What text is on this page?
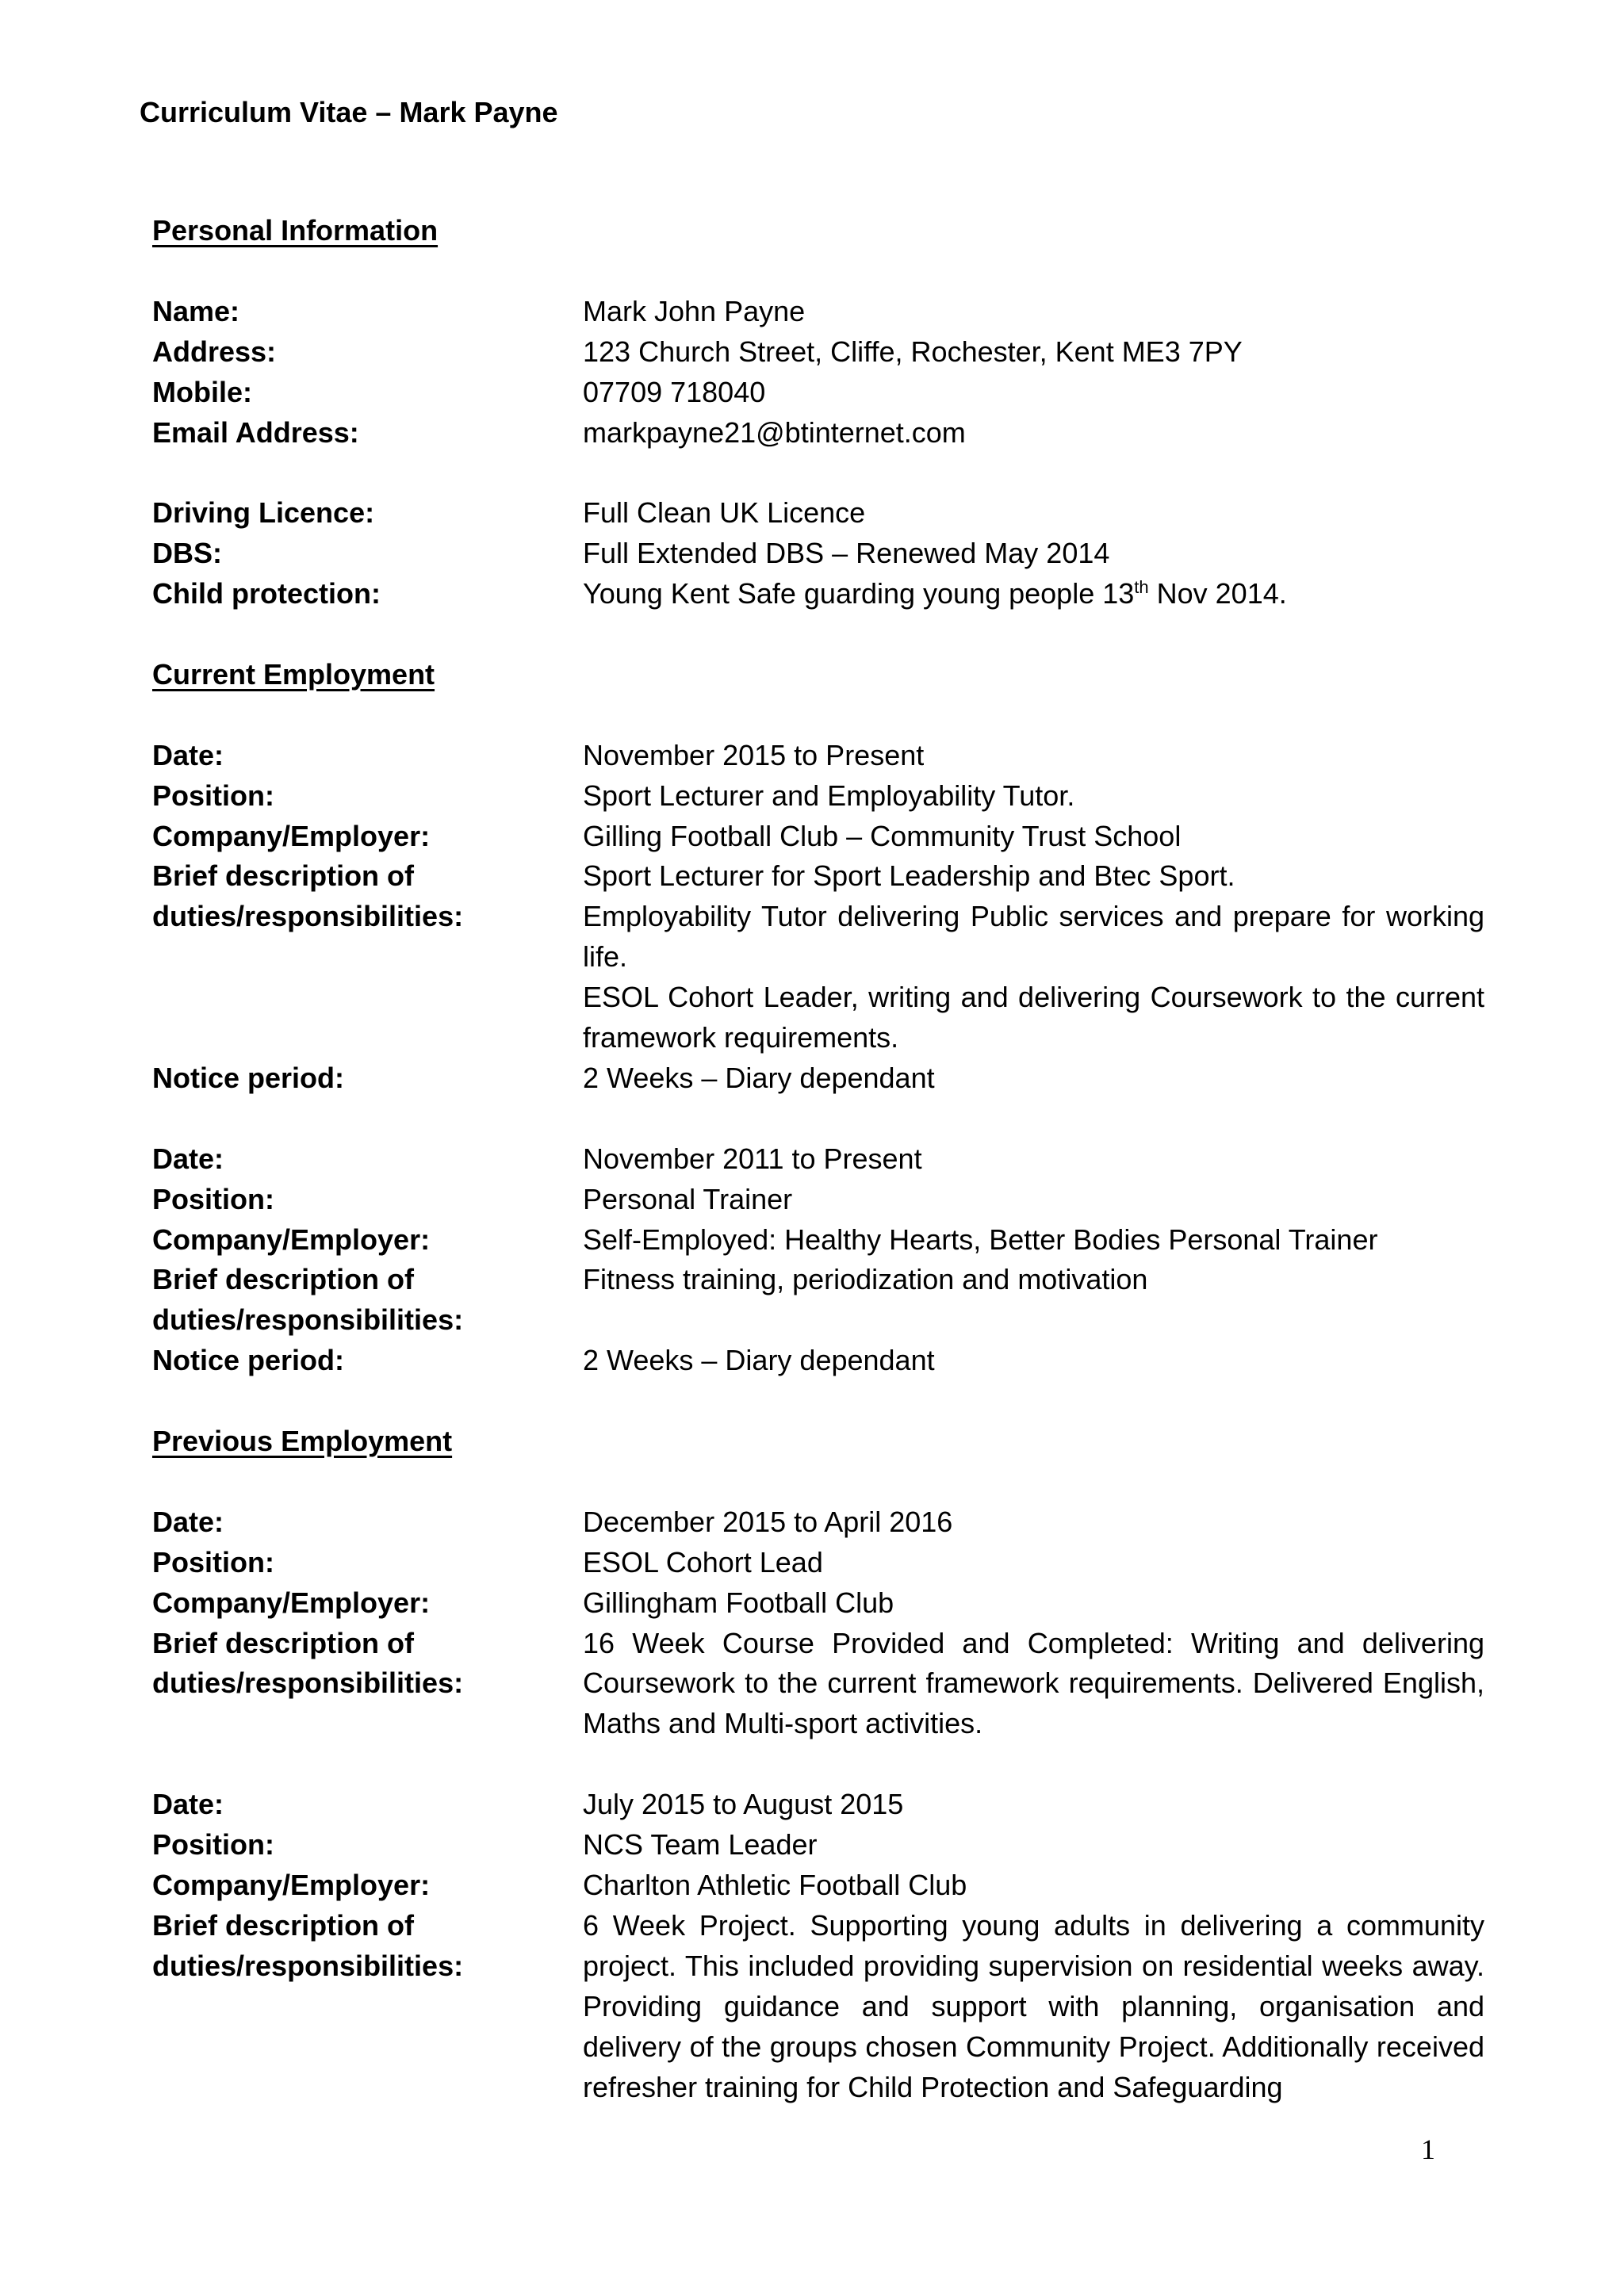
Curriculum Vitae – Mark Payne
Personal Information
Name:	Mark John Payne
Address:	123 Church Street, Cliffe, Rochester, Kent ME3 7PY
Mobile:	07709 718040
Email Address:	markpayne21@btinternet.com
Driving Licence:	Full Clean UK Licence
DBS:	Full Extended DBS – Renewed May 2014
Child protection:	Young Kent Safe guarding young people 13th Nov 2014.
Current Employment
Date:	November 2015 to Present
Position:	Sport Lecturer and Employability Tutor.
Company/Employer:	Gilling Football Club – Community Trust School
Brief description of
duties/responsibilities:
Sport Lecturer for Sport Leadership and Btec Sport.
Employability Tutor delivering Public services and prepare for working life.
ESOL Cohort Leader, writing and delivering Coursework to the current framework requirements.
Notice period:	2 Weeks – Diary dependant
Date:	November 2011 to Present
Position:	Personal Trainer
Company/Employer:	Self-Employed: Healthy Hearts, Better Bodies Personal Trainer
Brief description of
duties/responsibilities:
Fitness training, periodization and motivation
Notice period:	2 Weeks – Diary dependant
Previous Employment
Date:	December 2015 to April 2016
Position:	ESOL Cohort Lead
Company/Employer:	Gillingham Football Club
Brief description of
duties/responsibilities:
16 Week Course Provided and Completed: Writing and delivering Coursework to the current framework requirements. Delivered English, Maths and Multi-sport activities.
Date:	July 2015 to August 2015
Position:	NCS Team Leader
Company/Employer:	Charlton Athletic Football Club
Brief description of
duties/responsibilities:
6 Week Project. Supporting young adults in delivering a community project. This included providing supervision on residential weeks away. Providing guidance and support with planning, organisation and delivery of the groups chosen Community Project. Additionally received refresher training for Child Protection and Safeguarding
1
